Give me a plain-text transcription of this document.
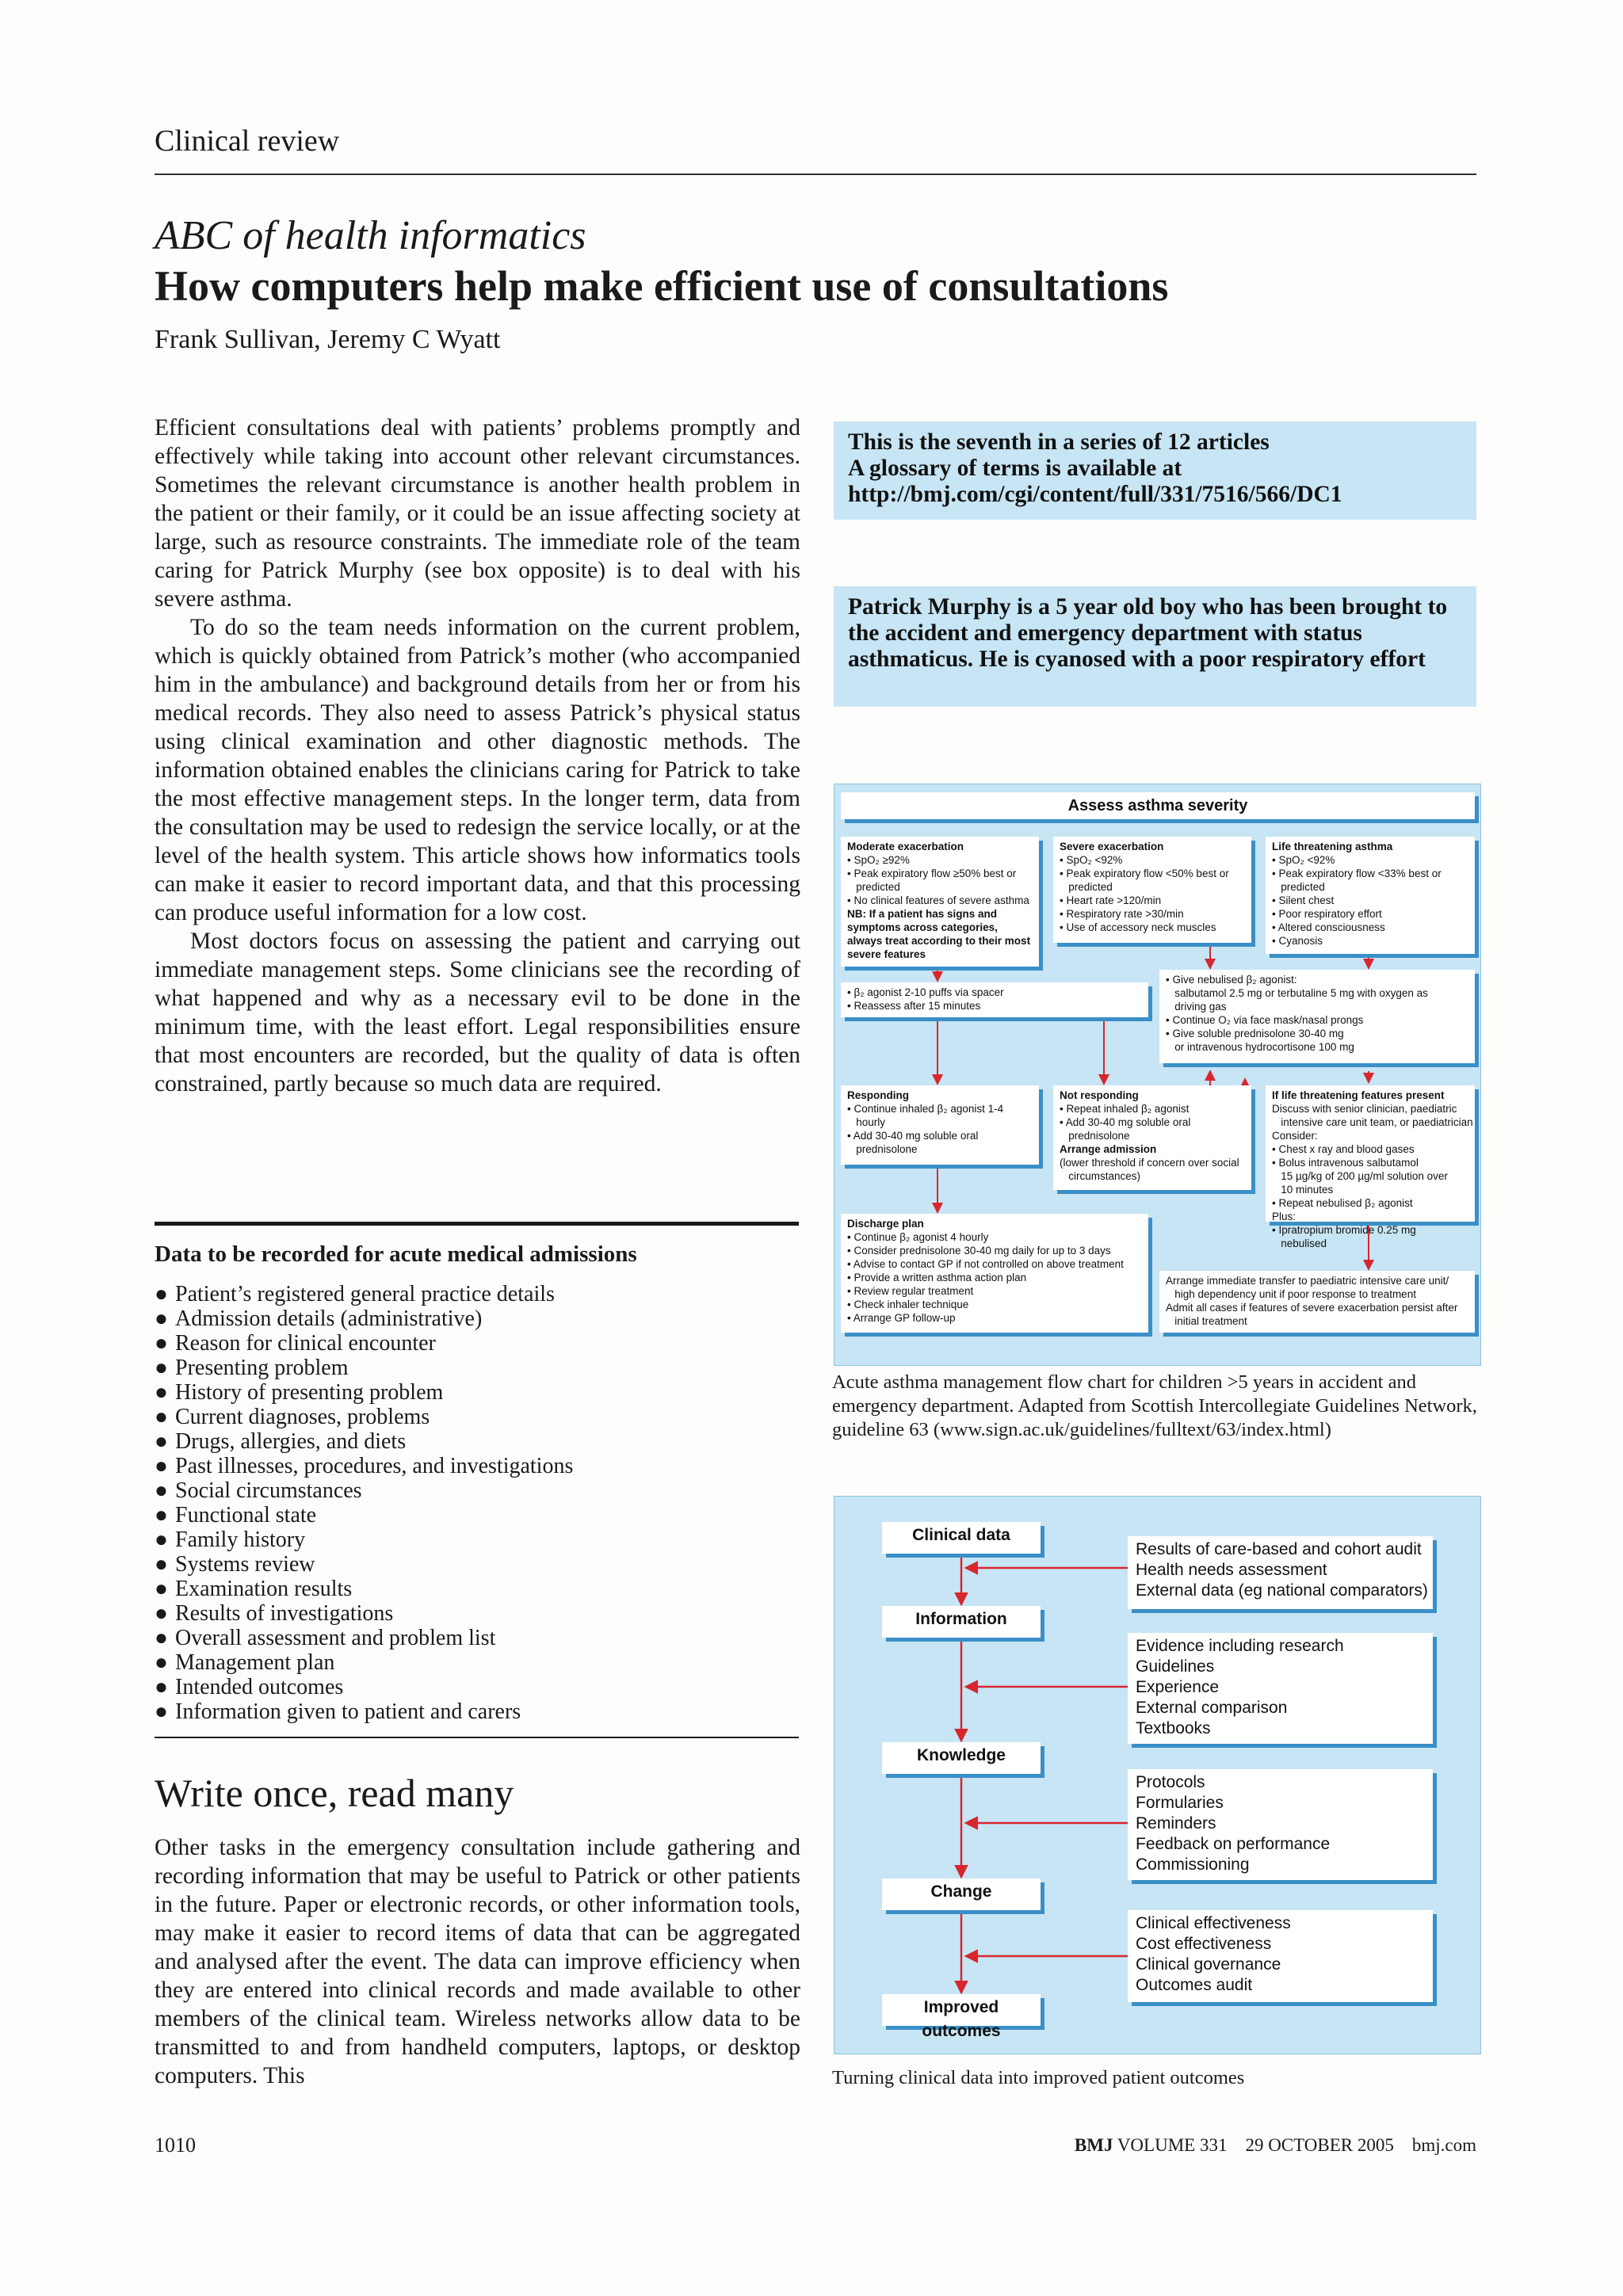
Clinical review
ABC of health informatics
How computers help make efficient use of consultations
Frank Sullivan, Jeremy C Wyatt

Efficient consultations deal with patients’ problems promptly and effectively while taking into account other relevant circumstances. Sometimes the relevant circumstance is another health problem in the patient or their family, or it could be an issue affecting society at large, such as resource constraints. The immediate role of the team caring for Patrick Murphy (see box opposite) is to deal with his severe asthma.

To do so the team needs information on the current problem, which is quickly obtained from Patrick’s mother (who accompanied him in the ambulance) and background details from her or from his medical records. They also need to assess Patrick’s physical status using clinical examination and other diagnostic methods. The information obtained enables the clinicians caring for Patrick to take the most effective management steps. In the longer term, data from the consultation may be used to redesign the service locally, or at the level of the health system. This article shows how informatics tools can make it easier to record important data, and that this processing can produce useful information for a low cost.

Most doctors focus on assessing the patient and carrying out immediate management steps. Some clinicians see the recording of what happened and why as a necessary evil to be done in the minimum time, with the least effort. Legal responsibilities ensure that most encounters are recorded, but the quality of data is often constrained, partly because so much data are required.

Data to be recorded for acute medical admissions
● Patient’s registered general practice details
● Admission details (administrative)
● Reason for clinical encounter
● Presenting problem
● History of presenting problem
● Current diagnoses, problems
● Drugs, allergies, and diets
● Past illnesses, procedures, and investigations
● Social circumstances
● Functional state
● Family history
● Systems review
● Examination results
● Results of investigations
● Overall assessment and problem list
● Management plan
● Intended outcomes
● Information given to patient and carers
Write once, read many

Other tasks in the emergency consultation include gathering and recording information that may be useful to Patrick or other patients in the future. Paper or electronic records, or other information tools, may make it easier to record items of data that can be aggregated and analysed after the event. The data can improve efficiency when they are entered into clinical records and made available to other members of the clinical team. Wireless networks allow data to be transmitted to and from handheld computers, laptops, or desktop computers. This

This is the seventh in a series of 12 articles
A glossary of terms is available at http://bmj.com/cgi/content/full/331/7516/566/DC1
Patrick Murphy is a 5 year old boy who has been brought to the accident and emergency department with status asthmaticus. He is cyanosed with a poor respiratory effort
Assess asthma severity
Moderate exacerbation
• SpO₂ ≥92%
• Peak expiratory flow ≥50% best or
predicted
• No clinical features of severe asthma
NB: If a patient has signs and symptoms across categories, always treat according to their most severe features
Severe exacerbation
• SpO₂ <92%
• Peak expiratory flow <50% best or
predicted
• Heart rate >120/min
• Respiratory rate >30/min
• Use of accessory neck muscles
Life threatening asthma
• SpO₂ <92%
• Peak expiratory flow <33% best or
predicted
• Silent chest
• Poor respiratory effort
• Altered consciousness
• Cyanosis
• β₂ agonist 2-10 puffs via spacer
• Reassess after 15 minutes
• Give nebulised β₂ agonist:
salbutamol 2.5 mg or terbutaline 5 mg with oxygen as
driving gas
• Continue O₂ via face mask/nasal prongs
• Give soluble prednisolone 30-40 mg
or intravenous hydrocortisone 100 mg
Responding
• Continue inhaled β₂ agonist 1-4
hourly
• Add 30-40 mg soluble oral
prednisolone
Not responding
• Repeat inhaled β₂ agonist
• Add 30-40 mg soluble oral
prednisolone
Arrange admission
(lower threshold if concern over social
circumstances)
If life threatening features present
Discuss with senior clinician, paediatric
intensive care unit team, or paediatrician
Consider:
• Chest x ray and blood gases
• Bolus intravenous salbutamol
15 µg/kg of 200 µg/ml solution over
10 minutes
• Repeat nebulised β₂ agonist
Plus:
• Ipratropium bromide 0.25 mg
nebulised
Discharge plan
• Continue β₂ agonist 4 hourly
• Consider prednisolone 30-40 mg daily for up to 3 days
• Advise to contact GP if not controlled on above treatment
• Provide a written asthma action plan
• Review regular treatment
• Check inhaler technique
• Arrange GP follow-up
Arrange immediate transfer to paediatric intensive care unit/
high dependency unit if poor response to treatment
Admit all cases if features of severe exacerbation persist after
initial treatment
Acute asthma management flow chart for children >5 years in accident and emergency department. Adapted from Scottish Intercollegiate Guidelines Network, guideline 63 (www.sign.ac.uk/guidelines/fulltext/63/index.html)
Clinical data
Information
Knowledge
Change
Improved outcomes
Results of care-based and cohort audit
Health needs assessment
External data (eg national comparators)
Evidence including research
Guidelines
Experience
External comparison
Textbooks
Protocols
Formularies
Reminders
Feedback on performance
Commissioning
Clinical effectiveness
Cost effectiveness
Clinical governance
Outcomes audit
Turning clinical data into improved patient outcomes
1010	BMJ VOLUME 331    29 OCTOBER 2005    bmj.com
